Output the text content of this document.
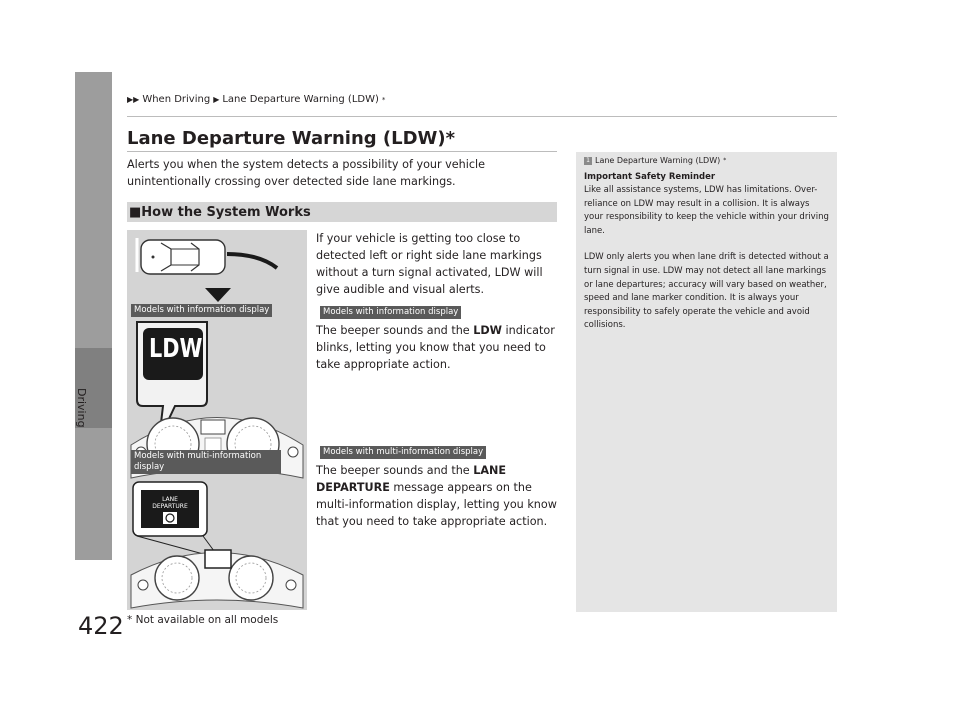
Driving
422
▶▶ When Driving ▶ Lane Departure Warning (LDW) *
Lane Departure Warning (LDW)*
Alerts you when the system detects a possibility of your vehicle unintentionally crossing over detected side lane markings.
■How the System Works
LANE
DEPARTURE
Models with information display
Models with multi-information display
LDW
If your vehicle is getting too close to detected left or right side lane markings without a turn signal activated, LDW will give audible and visual alerts.
Models with information display
The beeper sounds and the LDW indicator blinks, letting you know that you need to take appropriate action.
Models with multi-information display
The beeper sounds and the LANE DEPARTURE message appears on the multi-information display, letting you know that you need to take appropriate action.
* Not available on all models
1 Lane Departure Warning (LDW) *
Important Safety Reminder
Like all assistance systems, LDW has limitations. Over-reliance on LDW may result in a collision. It is always your responsibility to keep the vehicle within your driving lane.
LDW only alerts you when lane drift is detected without a turn signal in use. LDW may not detect all lane markings or lane departures; accuracy will vary based on weather, speed and lane marker condition. It is always your responsibility to safely operate the vehicle and avoid collisions.
